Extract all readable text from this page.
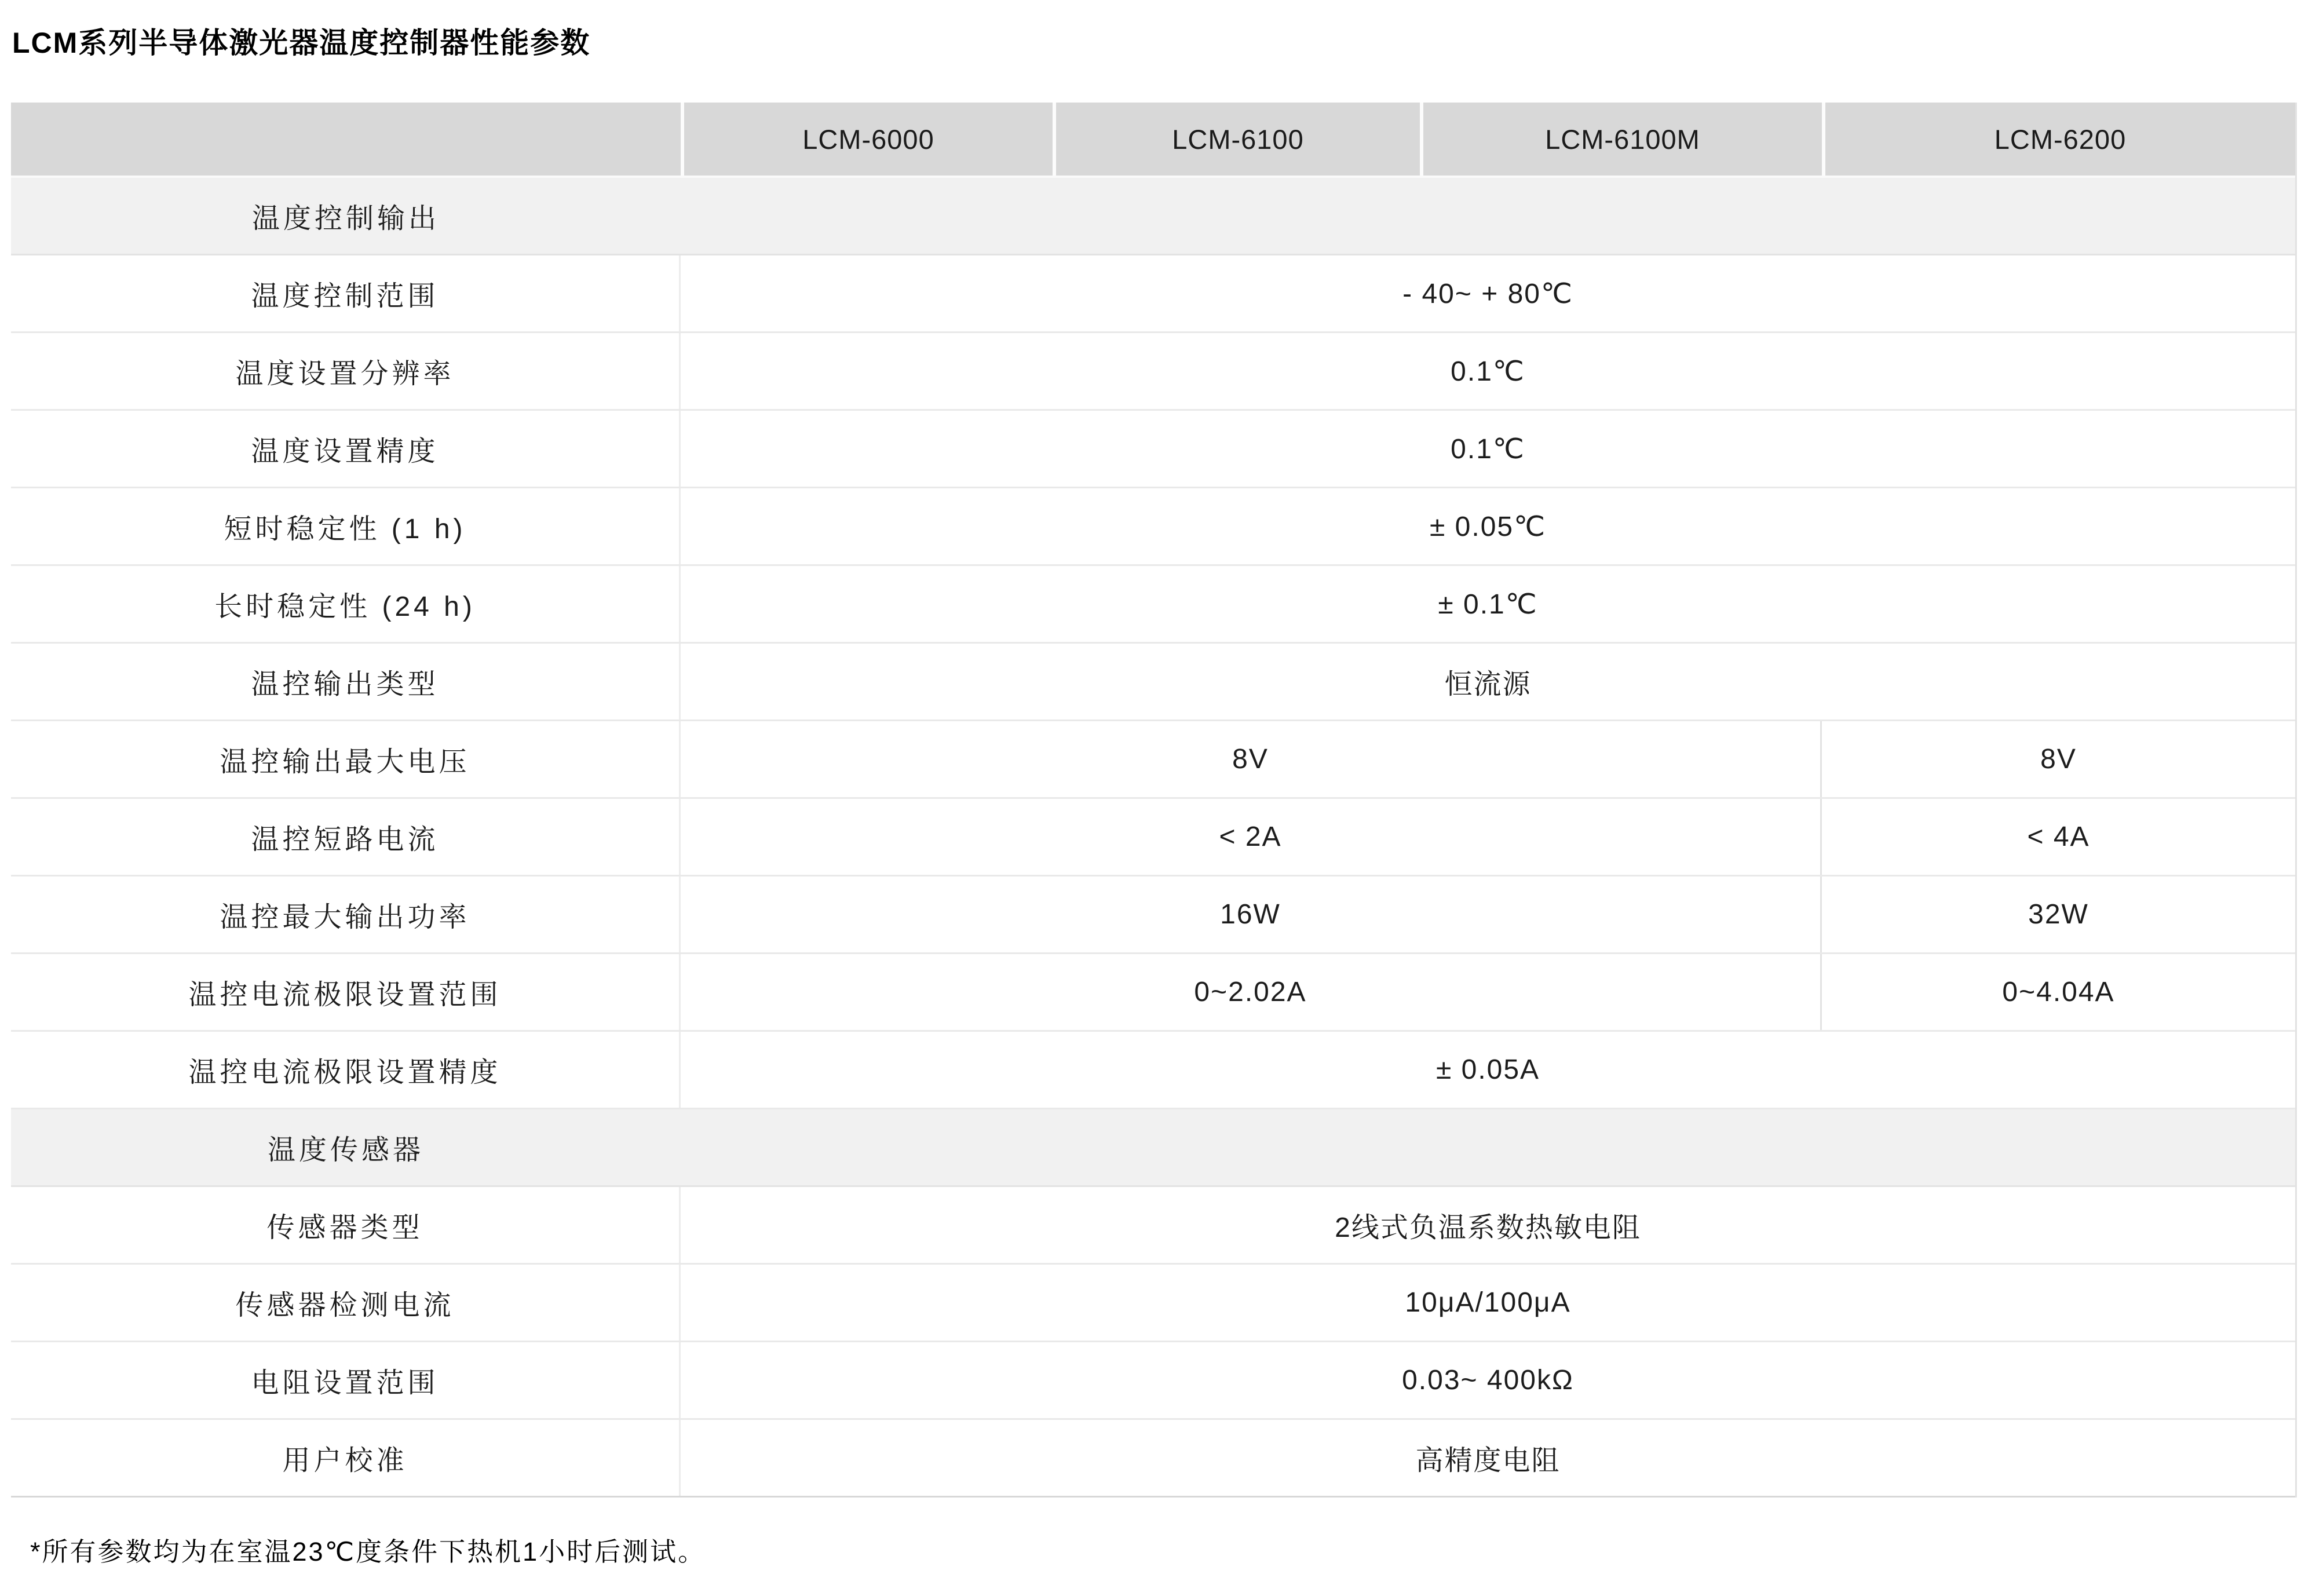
LCM系列半导体激光器温度控制器性能参数
LCM-6000	LCM-6100	LCM-6100M	LCM-6200
温度控制输出
温度控制范围	- 40~ + 80℃
温度设置分辨率	0.1℃
温度设置精度	0.1℃
短时稳定性 (1 h)	± 0.05℃
长时稳定性 (24 h)	± 0.1℃
温控输出类型	恒流源
温控输出最大电压	8V	8V
温控短路电流	< 2A	< 4A
温控最大输出功率	16W	32W
温控电流极限设置范围	0~2.02A	0~4.04A
温控电流极限设置精度	± 0.05A
温度传感器
传感器类型	2线式负温系数热敏电阻
传感器检测电流	10μA/100μA
电阻设置范围	0.03~ 400kΩ
用户校准	高精度电阻
*所有参数均为在室温23℃度条件下热机1小时后测试。
